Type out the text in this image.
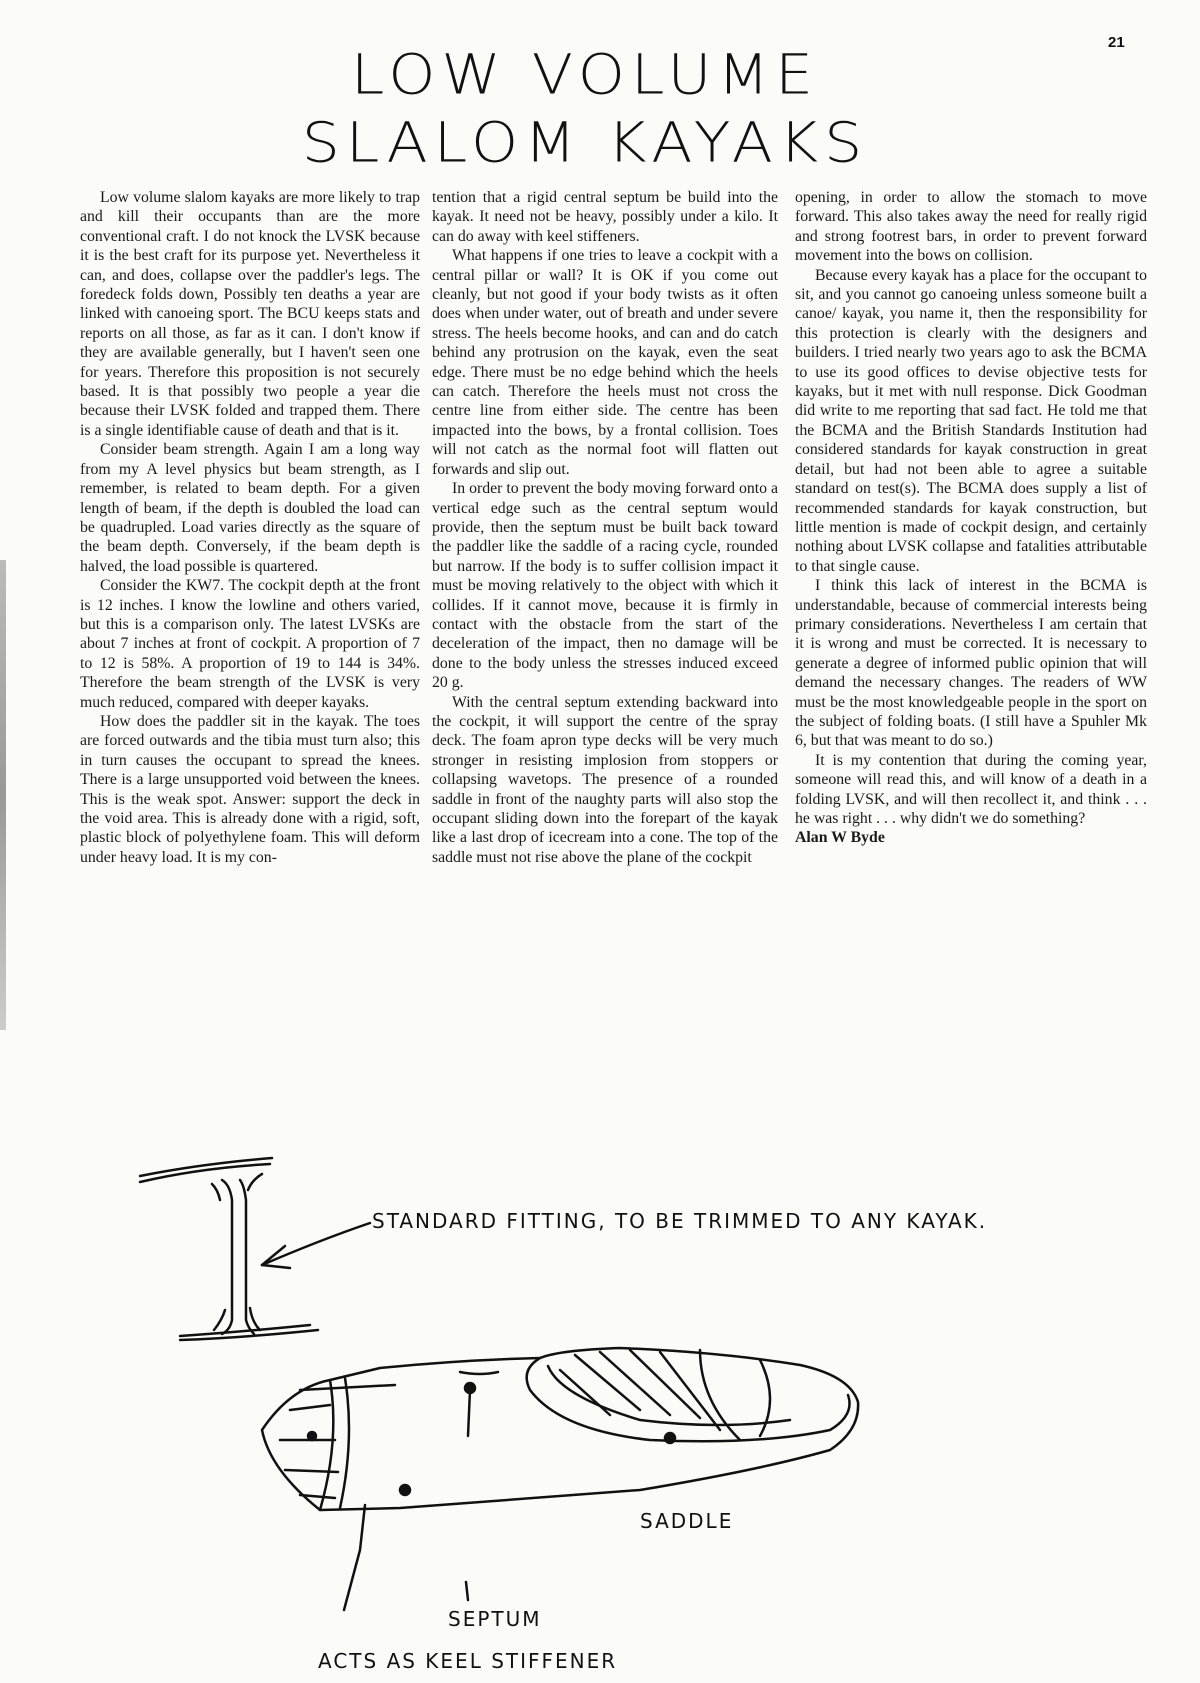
21
LOW VOLUME
SLALOM KAYAKS

Low volume slalom kayaks are more likely to trap and kill their occupants than are the more conventional craft. I do not knock the LVSK because it is the best craft for its purpose yet. Nevertheless it can, and does, collapse over the paddler's legs. The foredeck folds down, Possibly ten deaths a year are linked with canoeing sport. The BCU keeps stats and reports on all those, as far as it can. I don't know if they are available generally, but I haven't seen one for years. Therefore this proposition is not securely based. It is that possibly two people a year die because their LVSK folded and trapped them. There is a single identifiable cause of death and that is it.

Consider beam strength. Again I am a long way from my A level physics but beam strength, as I remember, is related to beam depth. For a given length of beam, if the depth is doubled the load can be quadrupled. Load varies directly as the square of the beam depth. Conversely, if the beam depth is halved, the load possible is quartered.

Consider the KW7. The cockpit depth at the front is 12 inches. I know the lowline and others varied, but this is a comparison only. The latest LVSKs are about 7 inches at front of cockpit. A proportion of 7 to 12 is 58%. A proportion of 19 to 144 is 34%. Therefore the beam strength of the LVSK is very much reduced, compared with deeper kayaks.

How does the paddler sit in the kayak. The toes are forced outwards and the tibia must turn also; this in turn causes the occupant to spread the knees. There is a large unsupported void between the knees. This is the weak spot. Answer: support the deck in the void area. This is already done with a rigid, soft, plastic block of polyethylene foam. This will deform under heavy load. It is my con-

tention that a rigid central septum be build into the kayak. It need not be heavy, possibly under a kilo. It can do away with keel stiffeners.

What happens if one tries to leave a cockpit with a central pillar or wall? It is OK if you come out cleanly, but not good if your body twists as it often does when under water, out of breath and under severe stress. The heels become hooks, and can and do catch behind any protrusion on the kayak, even the seat edge. There must be no edge behind which the heels can catch. Therefore the heels must not cross the centre line from either side. The centre has been impacted into the bows, by a frontal collision. Toes will not catch as the normal foot will flatten out forwards and slip out.

In order to prevent the body moving forward onto a vertical edge such as the central septum would provide, then the septum must be built back toward the paddler like the saddle of a racing cycle, rounded but narrow. If the body is to suffer collision impact it must be moving relatively to the object with which it collides. If it cannot move, because it is firmly in contact with the obstacle from the start of the deceleration of the impact, then no damage will be done to the body unless the stresses induced exceed 20 g.

With the central septum extending backward into the cockpit, it will support the centre of the spray deck. The foam apron type decks will be very much stronger in resisting implosion from stoppers or collapsing wavetops. The presence of a rounded saddle in front of the naughty parts will also stop the occupant sliding down into the forepart of the kayak like a last drop of icecream into a cone. The top of the saddle must not rise above the plane of the cockpit

opening, in order to allow the stomach to move forward. This also takes away the need for really rigid and strong footrest bars, in order to prevent forward movement into the bows on collision.

Because every kayak has a place for the occupant to sit, and you cannot go canoeing unless someone built a canoe/ kayak, you name it, then the responsibility for this protection is clearly with the designers and builders. I tried nearly two years ago to ask the BCMA to use its good offices to devise objective tests for kayaks, but it met with null response. Dick Goodman did write to me reporting that sad fact. He told me that the BCMA and the British Standards Institution had considered standards for kayak construction in great detail, but had not been able to agree a suitable standard on test(s). The BCMA does supply a list of recommended standards for kayak construction, but little mention is made of cockpit design, and certainly nothing about LVSK collapse and fatalities attributable to that single cause.

I think this lack of interest in the BCMA is understandable, because of commercial interests being primary considerations. Nevertheless I am certain that it is wrong and must be corrected. It is necessary to generate a degree of informed public opinion that will demand the necessary changes. The readers of WW must be the most knowledgeable people in the sport on the subject of folding boats. (I still have a Spuhler Mk 6, but that was meant to do so.)

It is my contention that during the coming year, someone will read this, and will know of a death in a folding LVSK, and will then recollect it, and think . . . he was right . . . why didn't we do something?

Alan W Byde

STANDARD FITTING, TO BE TRIMMED TO ANY KAYAK.
SADDLE
SEPTUM
ACTS AS KEEL STIFFENER
